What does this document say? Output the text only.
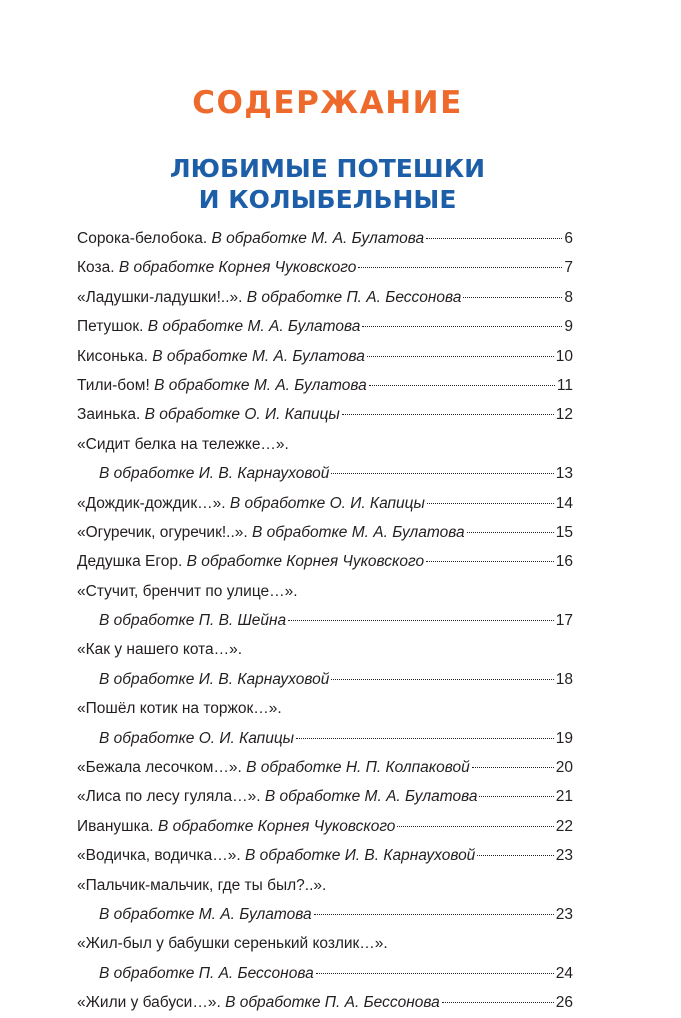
СОДЕРЖАНИЕ
ЛЮБИМЫЕ ПОТЕШКИ
И КОЛЫБЕЛЬНЫЕ
Сорока-белобока. В обработке М. А. Булатова	6
Коза. В обработке Корнея Чуковского	7
«Ладушки-ладушки!..». В обработке П. А. Бессонова	8
Петушок. В обработке М. А. Булатова	9
Кисонька. В обработке М. А. Булатова	10
Тили-бом! В обработке М. А. Булатова	11
Заинька. В обработке О. И. Капицы	12
«Сидит белка на тележке…».
В обработке И. В. Карнауховой	13
«Дождик-дождик…». В обработке О. И. Капицы	14
«Огуречик, огуречик!..». В обработке М. А. Булатова	15
Дедушка Егор. В обработке Корнея Чуковского	16
«Стучит, бренчит по улице…».
В обработке П. В. Шейна	17
«Как у нашего кота…».
В обработке И. В. Карнауховой	18
«Пошёл котик на торжок…».
В обработке О. И. Капицы	19
«Бежала лесочком…». В обработке Н. П. Колпаковой	20
«Лиса по лесу гуляла…». В обработке М. А. Булатова	21
Иванушка. В обработке Корнея Чуковского	22
«Водичка, водичка…». В обработке И. В. Карнауховой	23
«Пальчик-мальчик, где ты был?..».
В обработке М. А. Булатова	23
«Жил-был у бабушки серенький козлик…».
В обработке П. А. Бессонова	24
«Жили у бабуси…». В обработке П. А. Бессонова	26
